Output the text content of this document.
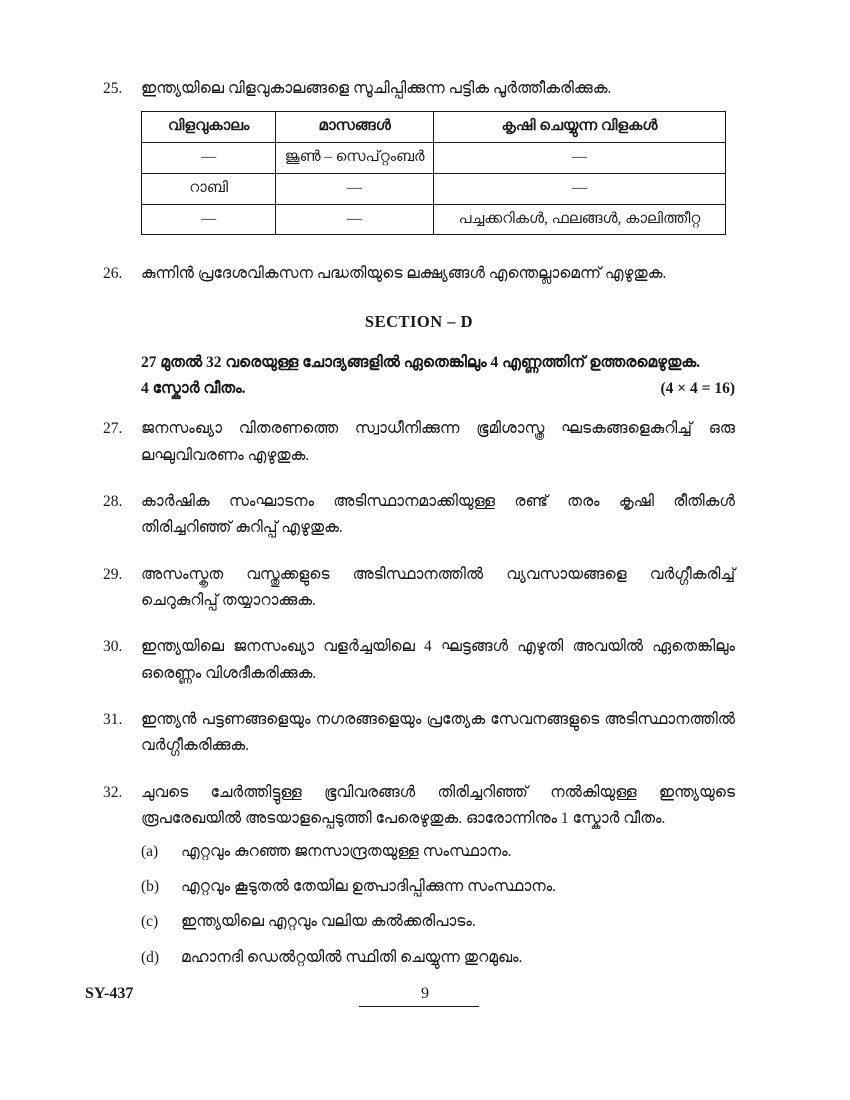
25.	ഇന്ത്യയിലെ വിളവുകാലങ്ങളെ സൂചിപ്പിക്കുന്ന പട്ടിക പൂർത്തീകരിക്കുക.
വിളവുകാലം	മാസങ്ങൾ	കൃഷി ചെയ്യുന്ന വിളകൾ
—	ജൂൺ – സെപ്റ്റംബർ	—
റാബി	—	—
—	—	പച്ചക്കറികൾ, ഫലങ്ങൾ, കാലിത്തീറ്റ
26.	കുന്നിൻ പ്രദേശവികസന പദ്ധതിയുടെ ലക്ഷ്യങ്ങൾ എന്തെല്ലാമെന്ന് എഴുതുക.
SECTION – D
27 മുതൽ 32 വരെയുള്ള ചോദ്യങ്ങളിൽ ഏതെങ്കിലും 4 എണ്ണത്തിന് ഉത്തരമെഴുതുക.
4 സ്കോർ വീതം.	(4 × 4 = 16)
27.	ജനസംഖ്യാ വിതരണത്തെ സ്വാധീനിക്കുന്ന ഭൂമിശാസ്ത്ര ഘടകങ്ങളെകുറിച്ച് ഒരു ലഘുവിവരണം എഴുതുക.
28.	കാർഷിക സംഘാടനം അടിസ്ഥാനമാക്കിയുള്ള രണ്ട് തരം കൃഷി രീതികൾ തിരിച്ചറിഞ്ഞ് കുറിപ്പ് എഴുതുക.
29.	അസംസ്കൃത വസ്തുക്കളുടെ അടിസ്ഥാനത്തിൽ വ്യവസായങ്ങളെ വർഗ്ഗീകരിച്ച് ചെറുകുറിപ്പ് തയ്യാറാക്കുക.
30.	ഇന്ത്യയിലെ ജനസംഖ്യാ വളർച്ചയിലെ 4 ഘട്ടങ്ങൾ എഴുതി അവയിൽ ഏതെങ്കിലും ഒരെണ്ണം വിശദീകരിക്കുക.
31.	ഇന്ത്യൻ പട്ടണങ്ങളെയും നഗരങ്ങളെയും പ്രത്യേക സേവനങ്ങളുടെ അടിസ്ഥാനത്തിൽ വർഗ്ഗീകരിക്കുക.
32.	ചുവടെ ചേർത്തിട്ടുള്ള ഭൂവിവരങ്ങൾ തിരിച്ചറിഞ്ഞ് നൽകിയുള്ള ഇന്ത്യയുടെ രൂപരേഖയിൽ അടയാളപ്പെടുത്തി പേരെഴുതുക. ഓരോന്നിനും 1 സ്കോർ വീതം.
(a)	എറ്റവും കുറഞ്ഞ ജനസാന്ദ്രതയുള്ള സംസ്ഥാനം.
(b)	എറ്റവും കൂടുതൽ തേയില ഉത്പാദിപ്പിക്കുന്ന സംസ്ഥാനം.
(c)	ഇന്ത്യയിലെ എറ്റവും വലിയ കൽക്കരിപാടം.
(d)	മഹാനദി ഡെൽറ്റയിൽ സ്ഥിതി ചെയ്യുന്ന തുറമുഖം.
SY-437	9
